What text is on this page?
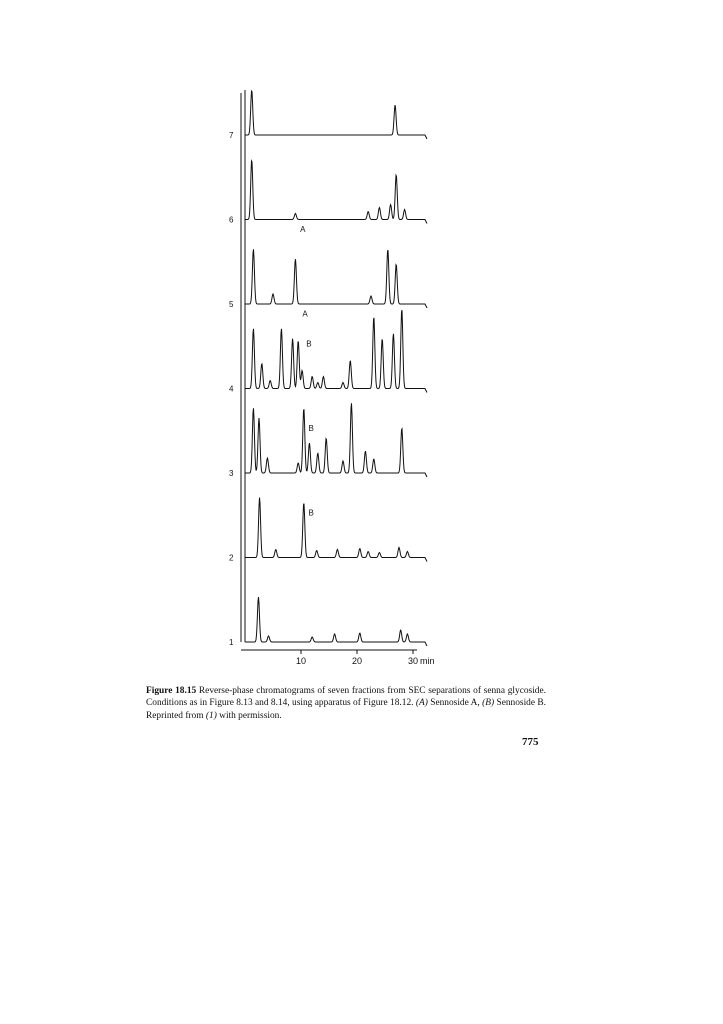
1
2
B
3
B
4
A
B
5
A
6
7
10	20	30 min
Figure 18.15 Reverse-phase chromatograms of seven fractions from SEC separations of senna glycoside. Conditions as in Figure 8.13 and 8.14, using apparatus of Figure 18.12. (A) Sennoside A, (B) Sennoside B. Reprinted from (1) with permission.
775
